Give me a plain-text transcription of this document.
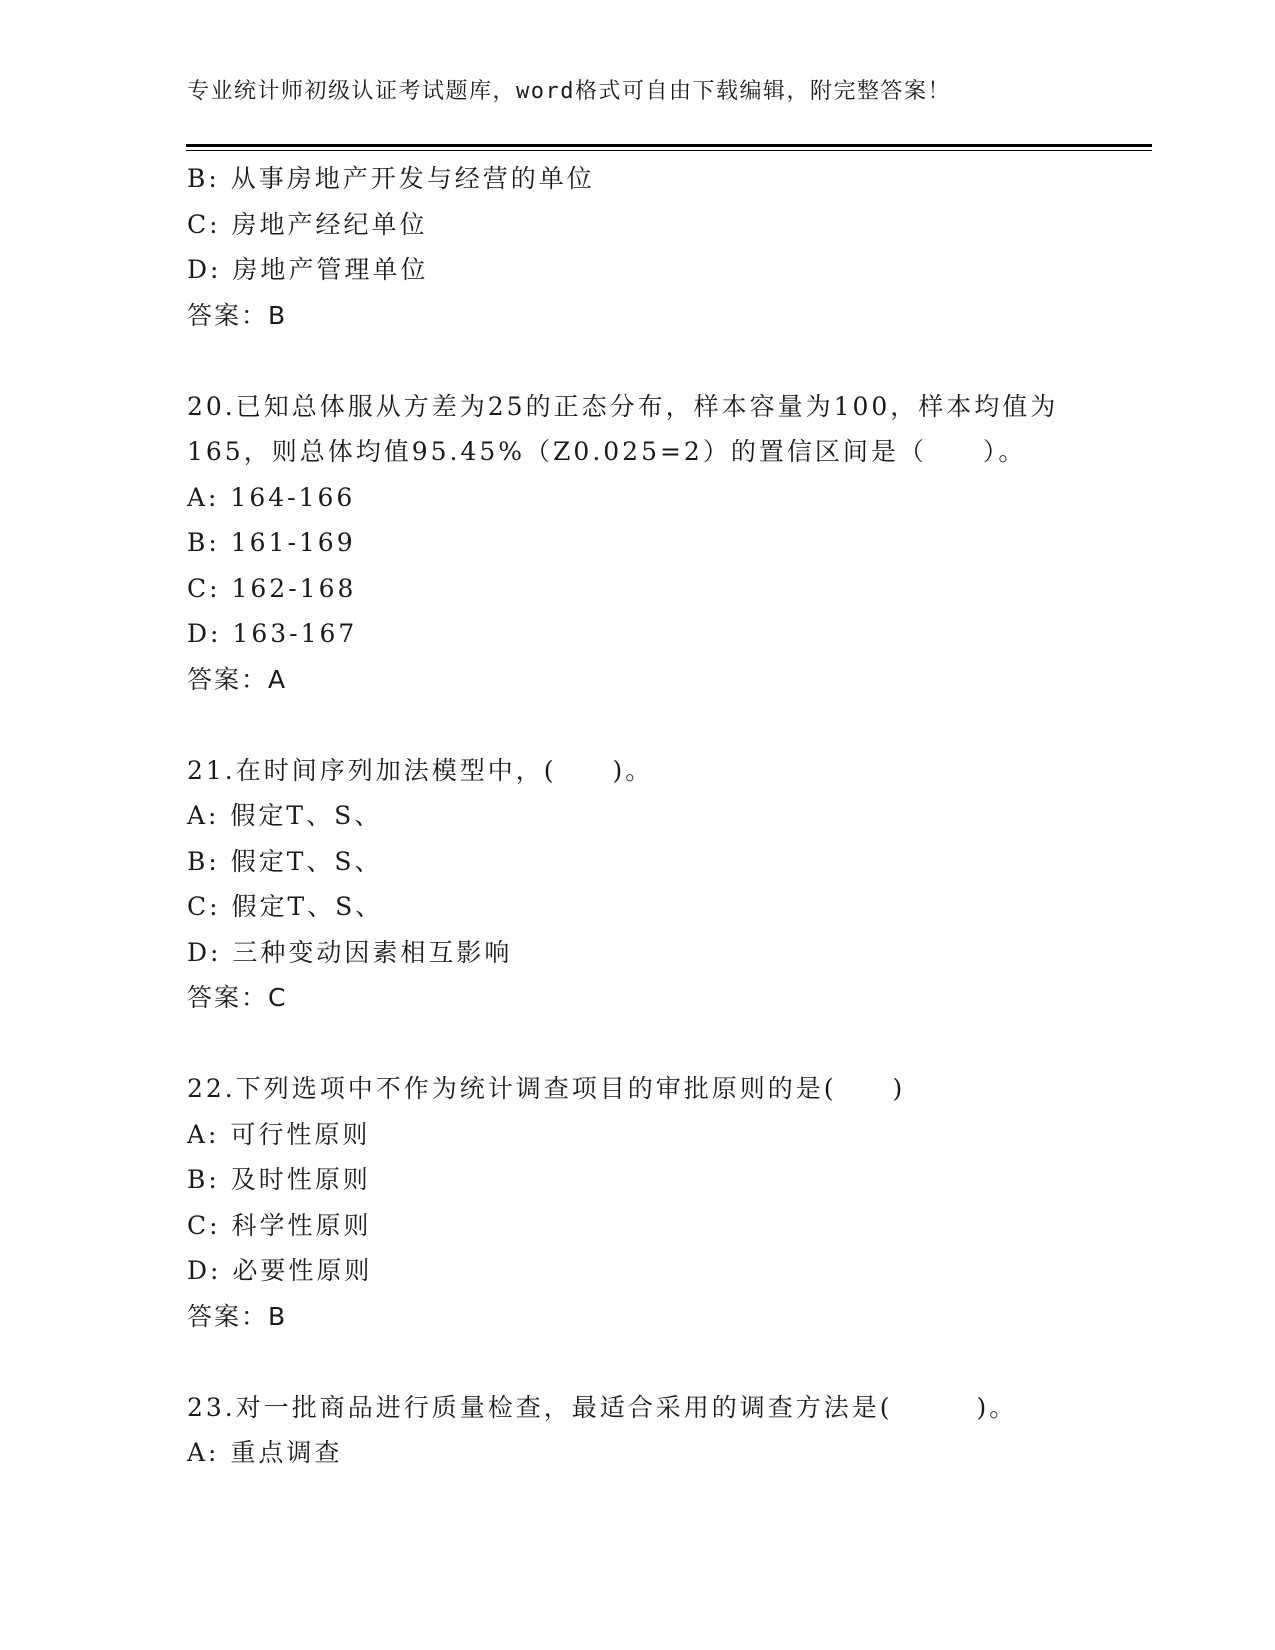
专业统计师初级认证考试题库，word格式可自由下载编辑，附完整答案！
B: 从事房地产开发与经营的单位
C: 房地产经纪单位
D: 房地产管理单位
答案：B
20.已知总体服从方差为25的正态分布，样本容量为100，样本均值为
165，则总体均值95.45%（Z0.025=2）的置信区间是（　　）。
A: 164-166
B: 161-169
C: 162-168
D: 163-167
答案：A
21.在时间序列加法模型中，(　　)。
A: 假定T、S、
B: 假定T、S、
C: 假定T、S、
D: 三种变动因素相互影响
答案：C
22.下列选项中不作为统计调查项目的审批原则的是(　　)
A: 可行性原则
B: 及时性原则
C: 科学性原则
D: 必要性原则
答案：B
23.对一批商品进行质量检查，最适合采用的调查方法是(　　　)。
A: 重点调查
